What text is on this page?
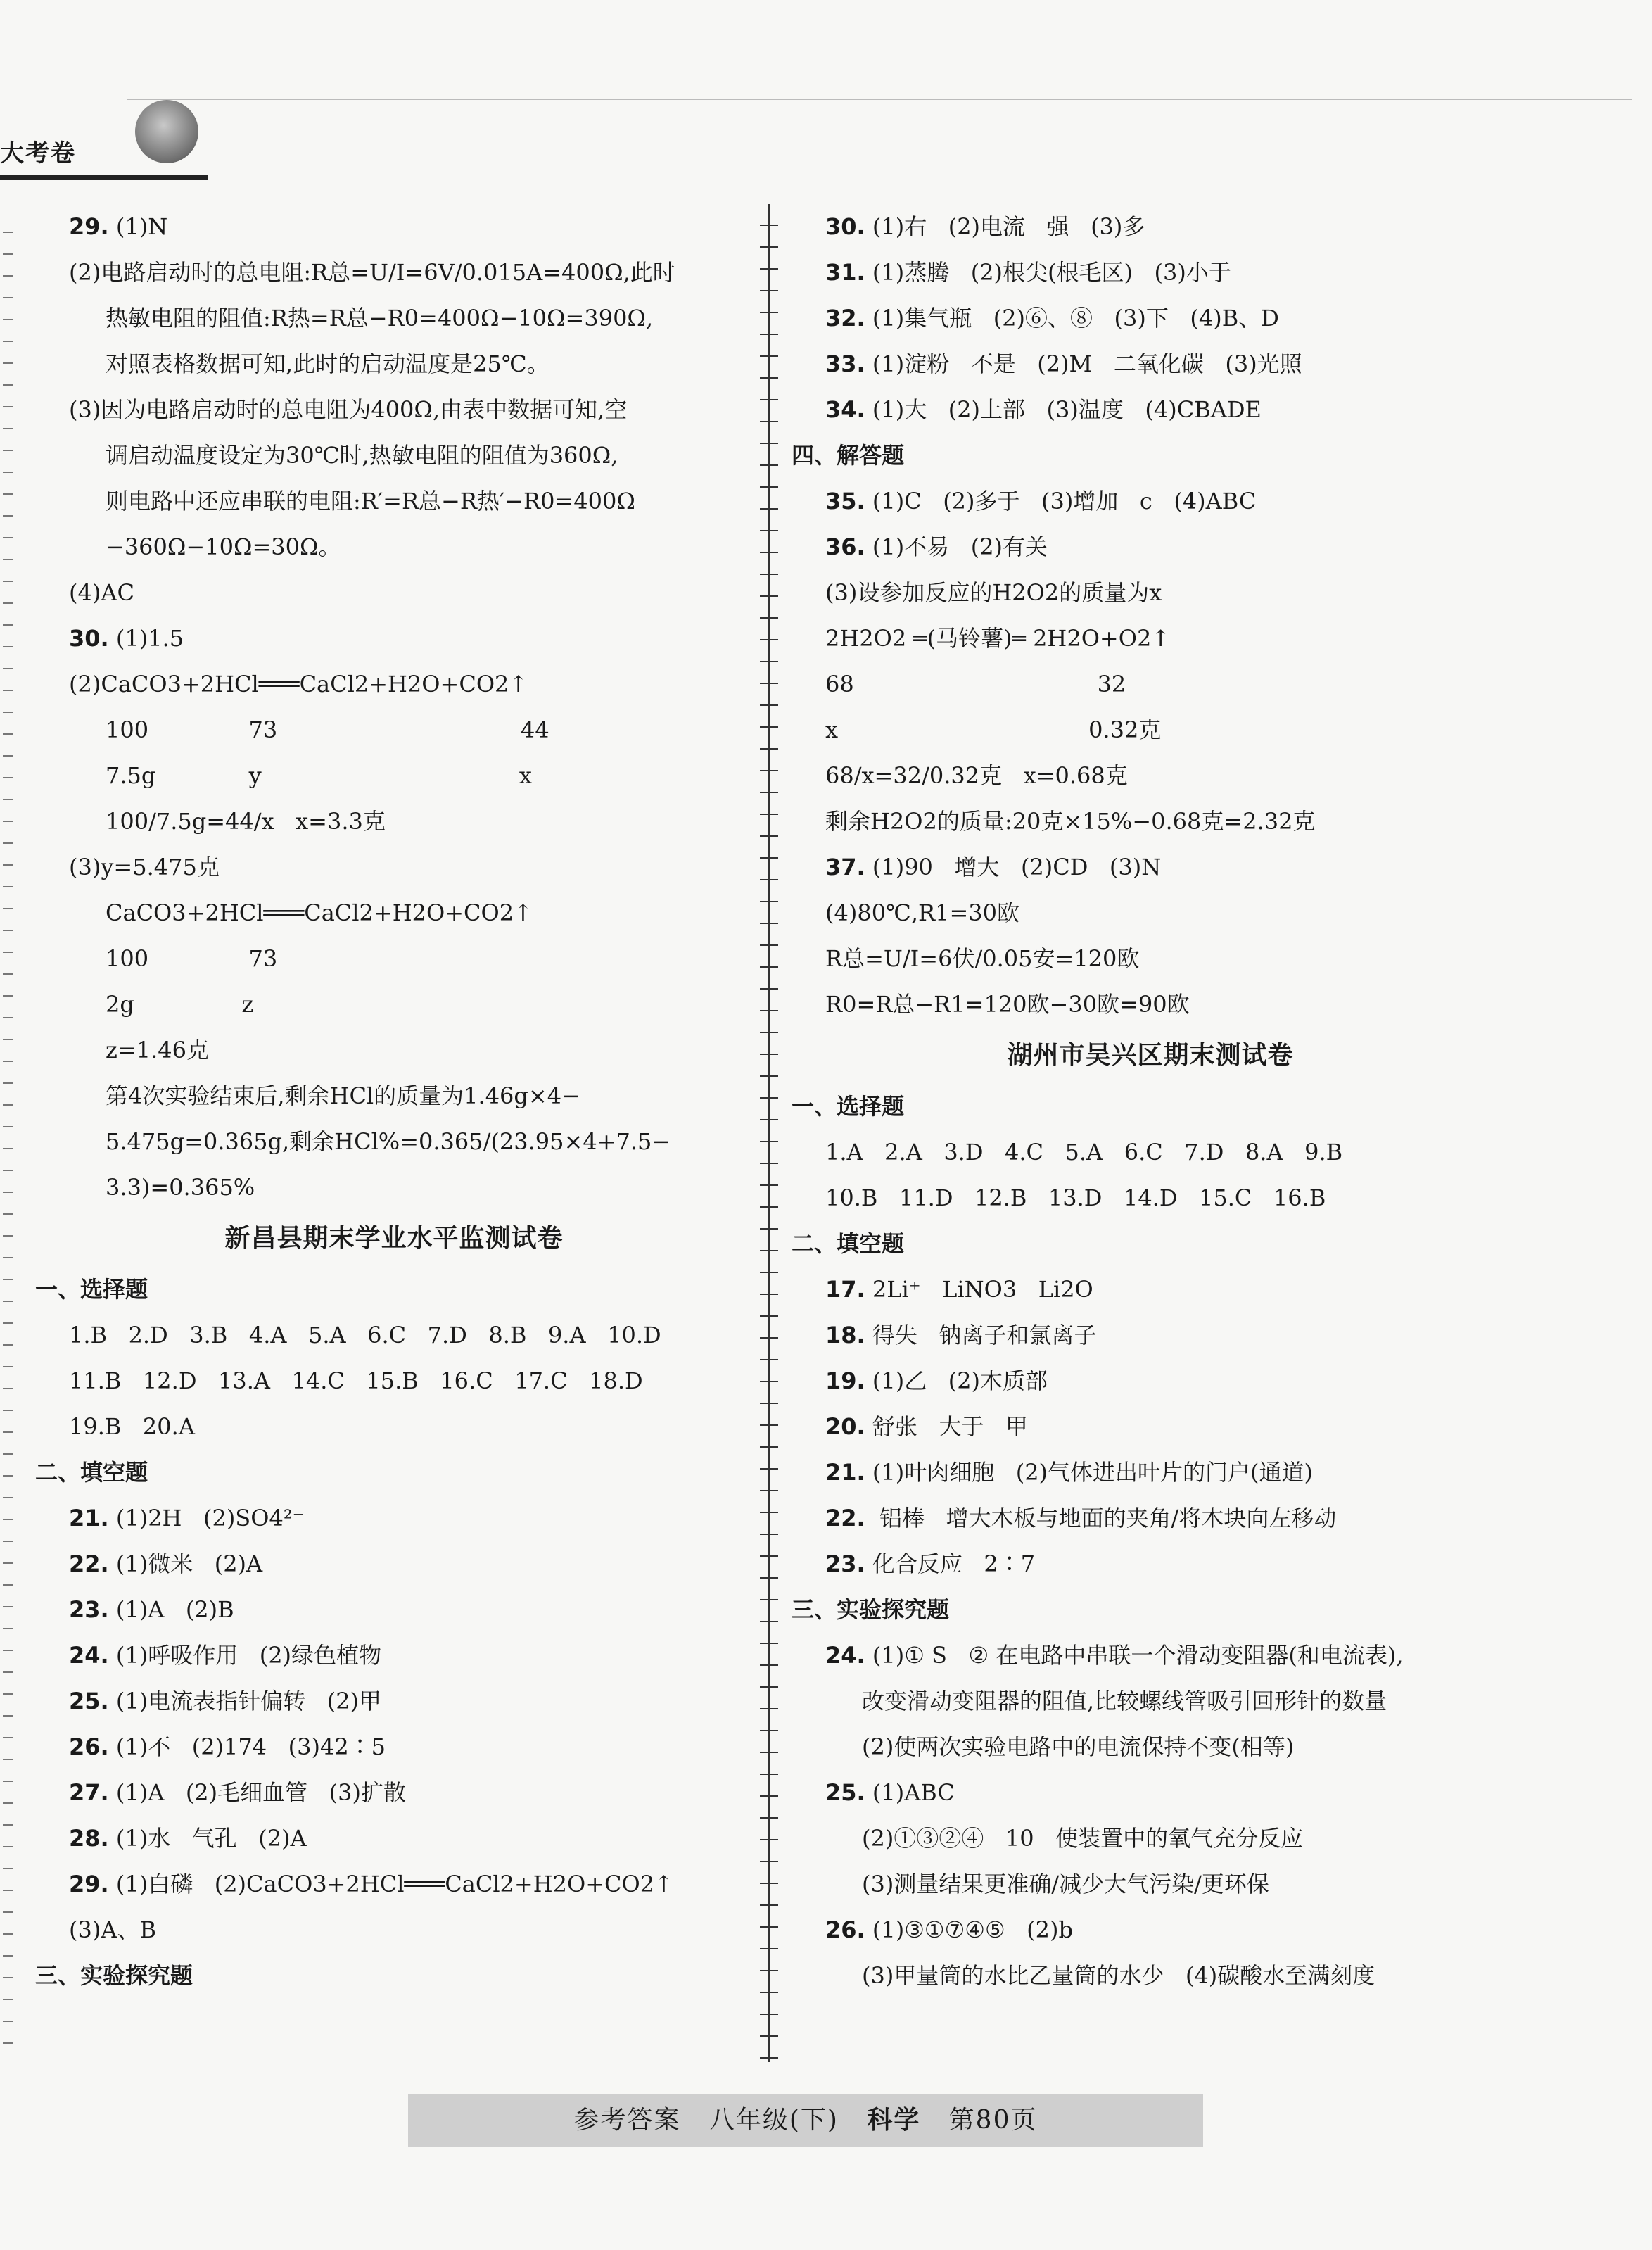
大考卷
29. (1)N
(2)电路启动时的总电阻:R总=U/I=6V/0.015A=400Ω,此时
热敏电阻的阻值:R热=R总−R0=400Ω−10Ω=390Ω,
对照表格数据可知,此时的启动温度是25℃。
(3)因为电路启动时的总电阻为400Ω,由表中数据可知,空
调启动温度设定为30℃时,热敏电阻的阻值为360Ω,
则电路中还应串联的电阻:R′=R总−R热′−R0=400Ω
−360Ω−10Ω=30Ω。
(4)AC
30. (1)1.5
(2)CaCO3+2HCl═══CaCl2+H2O+CO2↑
100              73                                  44
7.5g             y                                    x
100/7.5g=44/x   x=3.3克
(3)y=5.475克
CaCO3+2HCl═══CaCl2+H2O+CO2↑
100              73
2g               z
z=1.46克
第4次实验结束后,剩余HCl的质量为1.46g×4−
5.475g=0.365g,剩余HCl%=0.365/(23.95×4+7.5−
3.3)=0.365%
新昌县期末学业水平监测试卷
一、选择题
1.B   2.D   3.B   4.A   5.A   6.C   7.D   8.B   9.A   10.D
11.B   12.D   13.A   14.C   15.B   16.C   17.C   18.D
19.B   20.A
二、填空题
21. (1)2H   (2)SO4²⁻
22. (1)微米   (2)A
23. (1)A   (2)B
24. (1)呼吸作用   (2)绿色植物
25. (1)电流表指针偏转   (2)甲
26. (1)不   (2)174   (3)42∶5
27. (1)A   (2)毛细血管   (3)扩散
28. (1)水   气孔   (2)A
29. (1)白磷   (2)CaCO3+2HCl═══CaCl2+H2O+CO2↑
(3)A、B
三、实验探究题
30. (1)右   (2)电流   强   (3)多
31. (1)蒸腾   (2)根尖(根毛区)   (3)小于
32. (1)集气瓶   (2)⑥、⑧   (3)下   (4)B、D
33. (1)淀粉   不是   (2)M   二氧化碳   (3)光照
34. (1)大   (2)上部   (3)温度   (4)CBADE
四、解答题
35. (1)C   (2)多于   (3)增加   c   (4)ABC
36. (1)不易   (2)有关
(3)设参加反应的H2O2的质量为x
2H2O2 ═(马铃薯)═ 2H2O+O2↑
68                                  32
x                                   0.32克
68/x=32/0.32克   x=0.68克
剩余H2O2的质量:20克×15%−0.68克=2.32克
37. (1)90   增大   (2)CD   (3)N
(4)80℃,R1=30欧
R总=U/I=6伏/0.05安=120欧
R0=R总−R1=120欧−30欧=90欧
湖州市吴兴区期末测试卷
一、选择题
1.A   2.A   3.D   4.C   5.A   6.C   7.D   8.A   9.B
10.B   11.D   12.B   13.D   14.D   15.C   16.B
二、填空题
17. 2Li⁺   LiNO3   Li2O
18. 得失   钠离子和氯离子
19. (1)乙   (2)木质部
20. 舒张   大于   甲
21. (1)叶肉细胞   (2)气体进出叶片的门户(通道)
22.  铝棒   增大木板与地面的夹角/将木块向左移动
23. 化合反应   2∶7
三、实验探究题
24. (1)① S   ② 在电路中串联一个滑动变阻器(和电流表),
改变滑动变阻器的阻值,比较螺线管吸引回形针的数量
(2)使两次实验电路中的电流保持不变(相等)
25. (1)ABC
(2)①③②④   10   使装置中的氧气充分反应
(3)测量结果更准确/减少大气污染/更环保
26. (1)③①⑦④⑤   (2)b
(3)甲量筒的水比乙量筒的水少   (4)碳酸水至满刻度
参考答案 八年级(下) 科学 第80页
